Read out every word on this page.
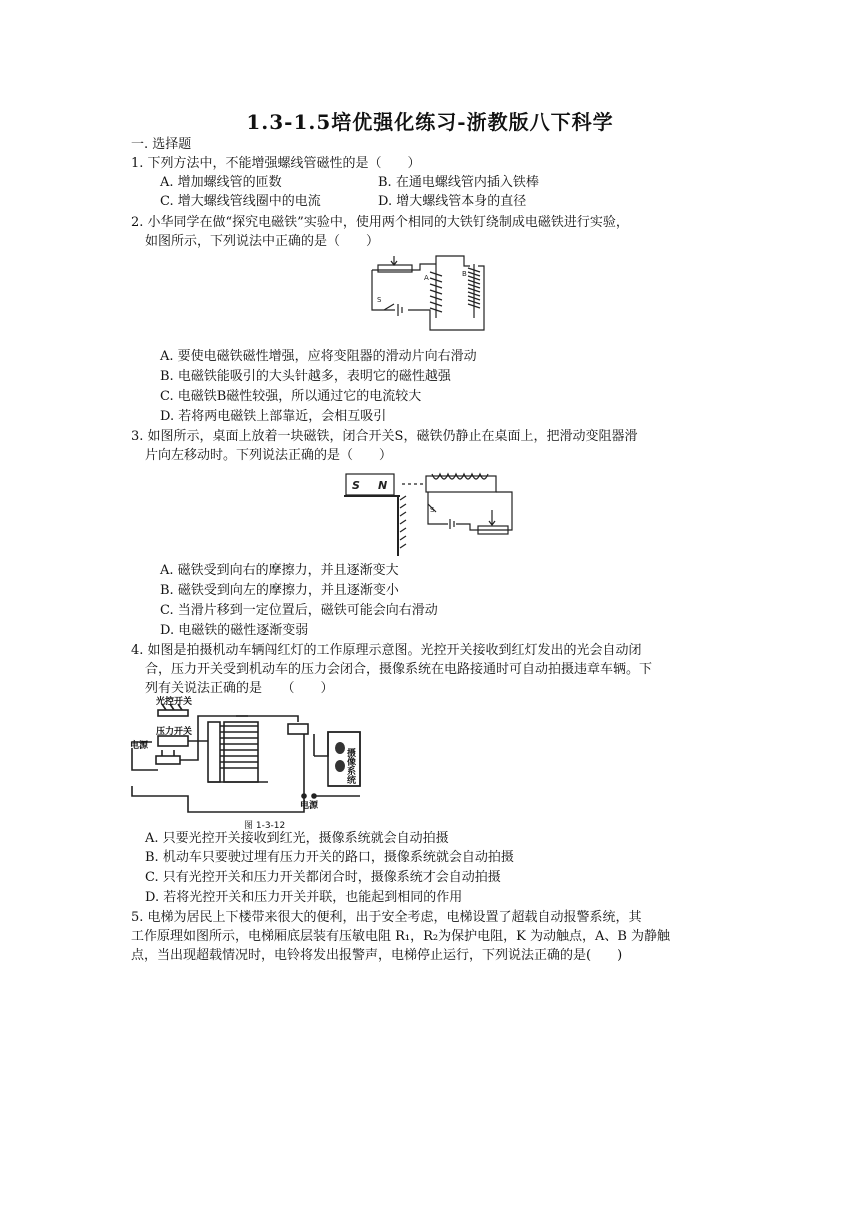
1.3-1.5培优强化练习-浙教版八下科学
一. 选择题
1. 下列方法中，不能增强螺线管磁性的是（　　）
A. 增加螺线管的匝数	B. 在通电螺线管内插入铁棒
C. 增大螺线管线圈中的电流	D. 增大螺线管本身的直径
2. 小华同学在做“探究电磁铁”实验中，使用两个相同的大铁钉绕制成电磁铁进行实验，
如图所示，下列说法中正确的是（　　）
A	B
S
A. 要使电磁铁磁性增强，应将变阻器的滑动片向右滑动
B. 电磁铁能吸引的大头针越多，表明它的磁性越强
C. 电磁铁B磁性较强，所以通过它的电流较大
D. 若将两电磁铁上部靠近，会相互吸引
3. 如图所示，桌面上放着一块磁铁，闭合开关S，磁铁仍静止在桌面上，把滑动变阻器滑
片向左移动时。下列说法正确的是（　　）
S N
S
A. 磁铁受到向右的摩擦力，并且逐渐变大
B. 磁铁受到向左的摩擦力，并且逐渐变小
C. 当滑片移到一定位置后，磁铁可能会向右滑动
D. 电磁铁的磁性逐渐变弱
4. 如图是拍摄机动车辆闯红灯的工作原理示意图。光控开关接收到红灯发出的光会自动闭
合，压力开关受到机动车的压力会闭合，摄像系统在电路接通时可自动拍摄违章车辆。下
列有关说法正确的是　　（　　）
光控开关
压力开关
电源
摄像系统
电源
图 1-3-12
A. 只要光控开关接收到红光，摄像系统就会自动拍摄
B. 机动车只要驶过埋有压力开关的路口，摄像系统就会自动拍摄
C. 只有光控开关和压力开关都闭合时，摄像系统才会自动拍摄
D. 若将光控开关和压力开关并联，也能起到相同的作用
5. 电梯为居民上下楼带来很大的便利，出于安全考虑，电梯设置了超载自动报警系统，其
工作原理如图所示，电梯厢底层装有压敏电阻 R₁，R₂为保护电阻，K 为动触点，A、B 为静触
点，当出现超载情况时，电铃将发出报警声，电梯停止运行，下列说法正确的是(　　)
